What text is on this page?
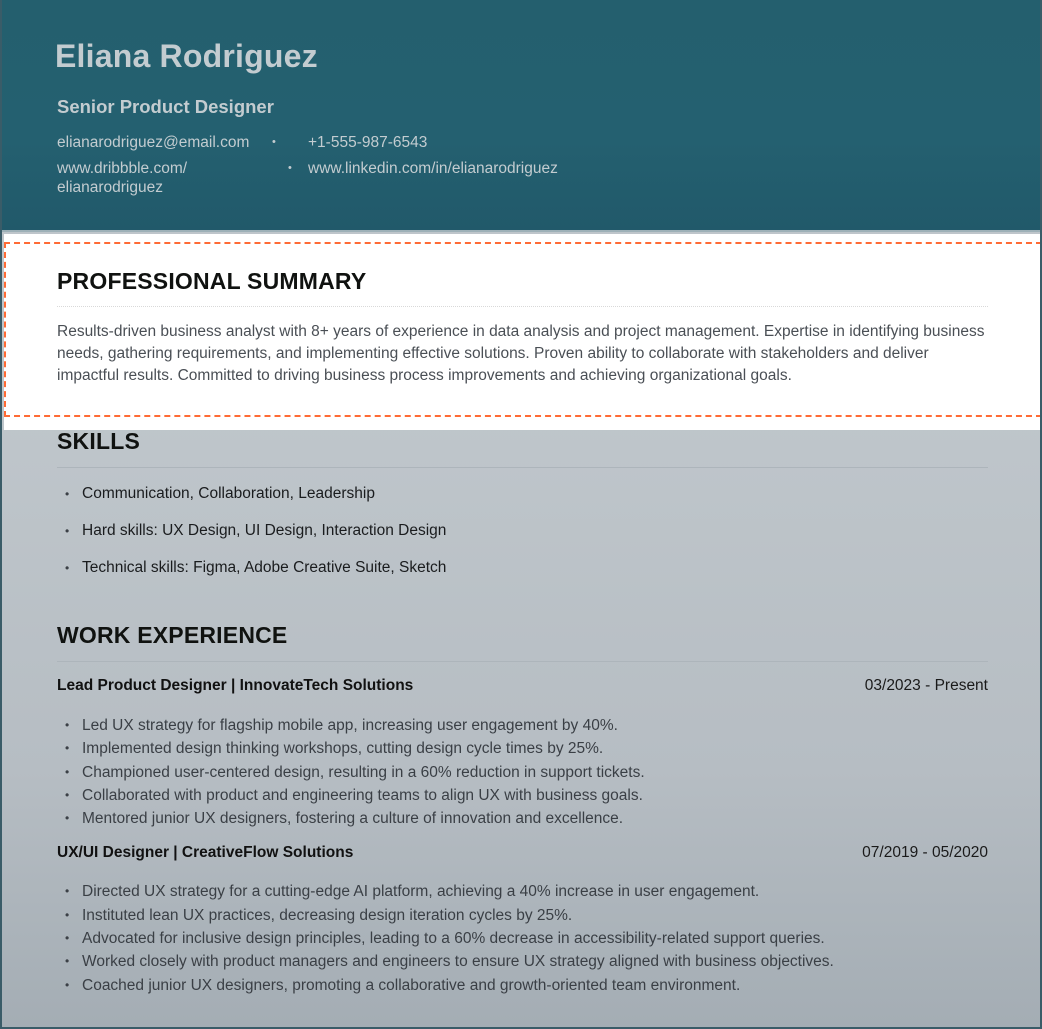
Eliana Rodriguez
Senior Product Designer
elianarodriguez@email.com	• +1-555-987-6543
www.dribbble.com/
elianarodriguez
• www.linkedin.com/in/elianarodriguez
PROFESSIONAL SUMMARY

Results-driven business analyst with 8+ years of experience in data analysis and project management. Expertise in identifying business needs, gathering requirements, and implementing effective solutions. Proven ability to collaborate with stakeholders and deliver impactful results. Committed to driving business process improvements and achieving organizational goals.

SKILLS
• Communication, Collaboration, Leadership
• Hard skills: UX Design, UI Design, Interaction Design
• Technical skills: Figma, Adobe Creative Suite, Sketch
WORK EXPERIENCE
Lead Product Designer | InnovateTech Solutions	03/2023 - Present
• Led UX strategy for flagship mobile app, increasing user engagement by 40%.
• Implemented design thinking workshops, cutting design cycle times by 25%.
• Championed user-centered design, resulting in a 60% reduction in support tickets.
• Collaborated with product and engineering teams to align UX with business goals.
• Mentored junior UX designers, fostering a culture of innovation and excellence.
UX/UI Designer | CreativeFlow Solutions	07/2019 - 05/2020
• Directed UX strategy for a cutting-edge AI platform, achieving a 40% increase in user engagement.
• Instituted lean UX practices, decreasing design iteration cycles by 25%.
• Advocated for inclusive design principles, leading to a 60% decrease in accessibility-related support queries.
• Worked closely with product managers and engineers to ensure UX strategy aligned with business objectives.
• Coached junior UX designers, promoting a collaborative and growth-oriented team environment.
